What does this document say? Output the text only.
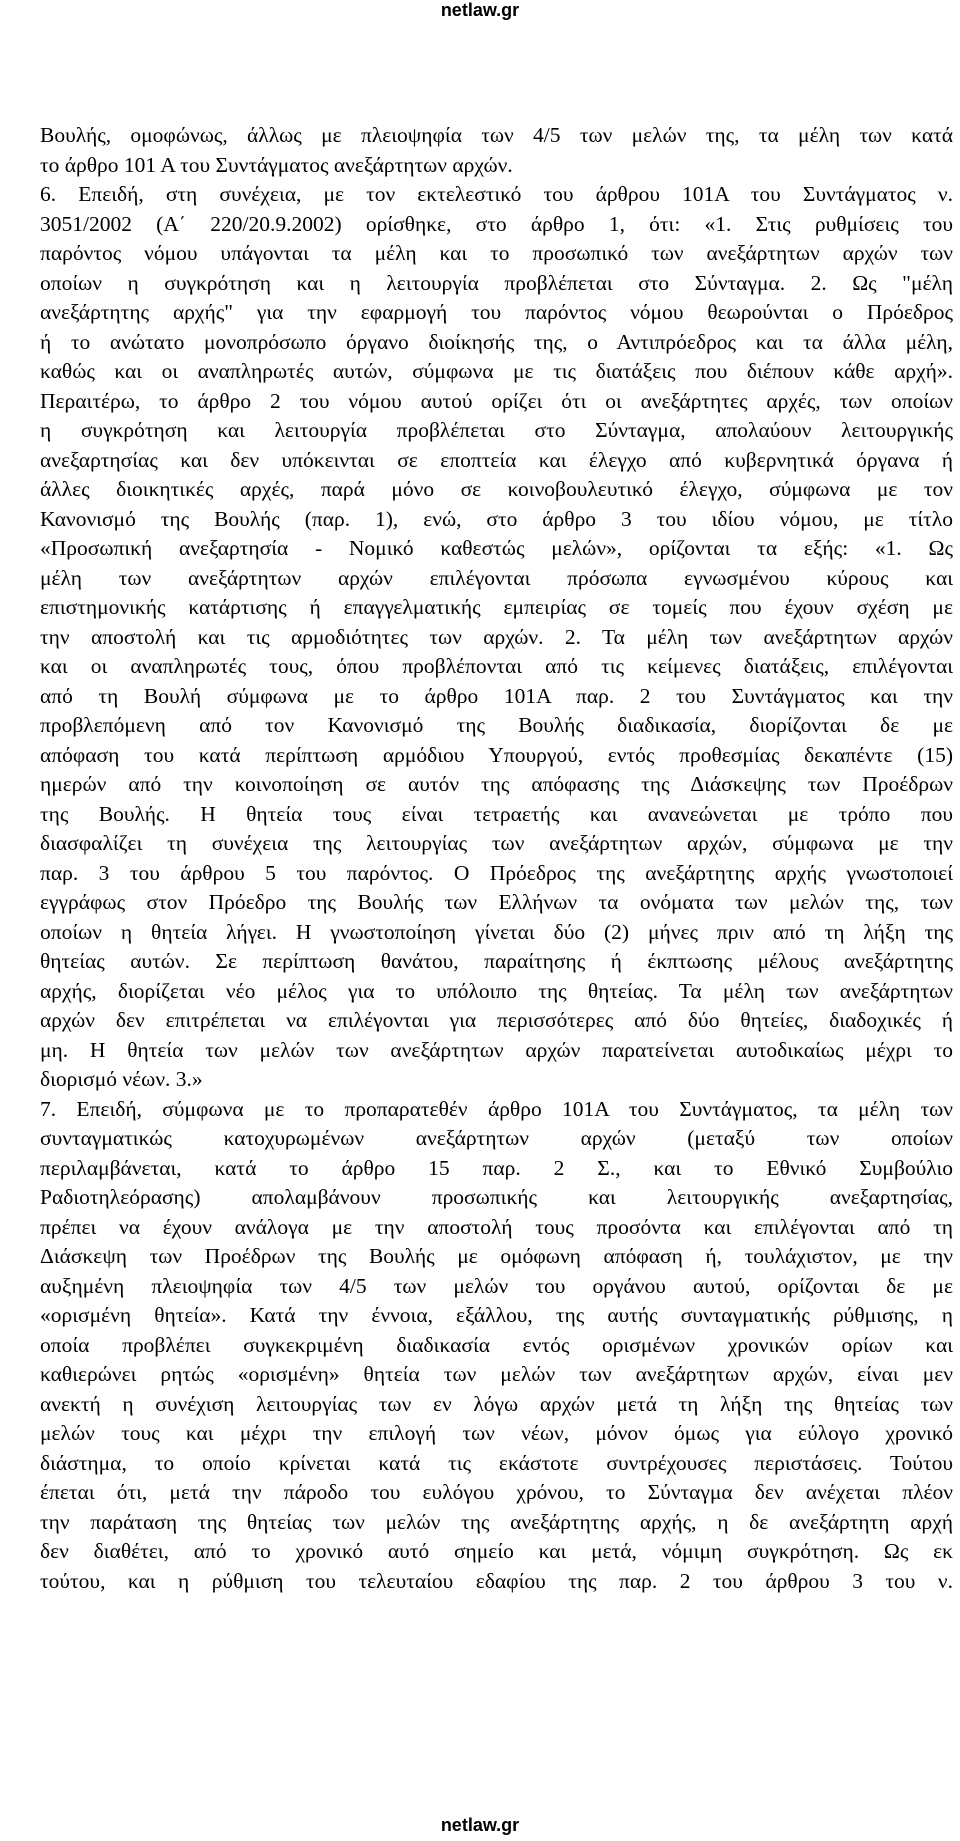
netlaw.gr
Βουλής, ομοφώνως, άλλως με πλειοψηφία των 4/5 των μελών της, τα μέλη των κατά
το άρθρο 101 Α του Συντάγματος ανεξάρτητων αρχών.
6. Επειδή, στη συνέχεια, με τον εκτελεστικό του άρθρου 101Α του Συντάγματος ν.
3051/2002 (Α΄ 220/20.9.2002) ορίσθηκε, στο άρθρο 1, ότι: «1. Στις ρυθμίσεις του
παρόντος νόμου υπάγονται τα μέλη και το προσωπικό των ανεξάρτητων αρχών των
οποίων η συγκρότηση και η λειτουργία προβλέπεται στο Σύνταγμα. 2. Ως "μέλη
ανεξάρτητης αρχής" για την εφαρμογή του παρόντος νόμου θεωρούνται ο Πρόεδρος
ή το ανώτατο μονοπρόσωπο όργανο διοίκησής της, ο Αντιπρόεδρος και τα άλλα μέλη,
καθώς και οι αναπληρωτές αυτών, σύμφωνα με τις διατάξεις που διέπουν κάθε αρχή».
Περαιτέρω, το άρθρο 2 του νόμου αυτού ορίζει ότι οι ανεξάρτητες αρχές, των οποίων
η συγκρότηση και λειτουργία προβλέπεται στο Σύνταγμα, απολαύουν λειτουργικής
ανεξαρτησίας και δεν υπόκεινται σε εποπτεία και έλεγχο από κυβερνητικά όργανα ή
άλλες διοικητικές αρχές, παρά μόνο σε κοινοβουλευτικό έλεγχο, σύμφωνα με τον
Κανονισμό της Βουλής (παρ. 1), ενώ, στο άρθρο 3 του ιδίου νόμου, με τίτλο
«Προσωπική ανεξαρτησία - Νομικό καθεστώς μελών», ορίζονται τα εξής: «1. Ως
μέλη των ανεξάρτητων αρχών επιλέγονται πρόσωπα εγνωσμένου κύρους και
επιστημονικής κατάρτισης ή επαγγελματικής εμπειρίας σε τομείς που έχουν σχέση με
την αποστολή και τις αρμοδιότητες των αρχών. 2. Τα μέλη των ανεξάρτητων αρχών
και οι αναπληρωτές τους, όπου προβλέπονται από τις κείμενες διατάξεις, επιλέγονται
από τη Βουλή σύμφωνα με το άρθρο 101Α παρ. 2 του Συντάγματος και την
προβλεπόμενη από τον Κανονισμό της Βουλής διαδικασία, διορίζονται δε με
απόφαση του κατά περίπτωση αρμόδιου Υπουργού, εντός προθεσμίας δεκαπέντε (15)
ημερών από την κοινοποίηση σε αυτόν της απόφασης της Διάσκεψης των Προέδρων
της Βουλής. Η θητεία τους είναι τετραετής και ανανεώνεται με τρόπο που
διασφαλίζει τη συνέχεια της λειτουργίας των ανεξάρτητων αρχών, σύμφωνα με την
παρ. 3 του άρθρου 5 του παρόντος. Ο Πρόεδρος της ανεξάρτητης αρχής γνωστοποιεί
εγγράφως στον Πρόεδρο της Βουλής των Ελλήνων τα ονόματα των μελών της, των
οποίων η θητεία λήγει. Η γνωστοποίηση γίνεται δύο (2) μήνες πριν από τη λήξη της
θητείας αυτών. Σε περίπτωση θανάτου, παραίτησης ή έκπτωσης μέλους ανεξάρτητης
αρχής, διορίζεται νέο μέλος για το υπόλοιπο της θητείας. Τα μέλη των ανεξάρτητων
αρχών δεν επιτρέπεται να επιλέγονται για περισσότερες από δύο θητείες, διαδοχικές ή
μη. Η θητεία των μελών των ανεξάρτητων αρχών παρατείνεται αυτοδικαίως μέχρι το
διορισμό νέων. 3.»
7. Επειδή, σύμφωνα με το προπαρατεθέν άρθρο 101Α του Συντάγματος, τα μέλη των
συνταγματικώς κατοχυρωμένων ανεξάρτητων αρχών (μεταξύ των οποίων
περιλαμβάνεται, κατά το άρθρο 15 παρ. 2 Σ., και το Εθνικό Συμβούλιο
Ραδιοτηλεόρασης) απολαμβάνουν προσωπικής και λειτουργικής ανεξαρτησίας,
πρέπει να έχουν ανάλογα με την αποστολή τους προσόντα και επιλέγονται από τη
Διάσκεψη των Προέδρων της Βουλής με ομόφωνη απόφαση ή, τουλάχιστον, με την
αυξημένη πλειοψηφία των 4/5 των μελών του οργάνου αυτού, ορίζονται δε με
«ορισμένη θητεία». Κατά την έννοια, εξάλλου, της αυτής συνταγματικής ρύθμισης, η
οποία προβλέπει συγκεκριμένη διαδικασία εντός ορισμένων χρονικών ορίων και
καθιερώνει ρητώς «ορισμένη» θητεία των μελών των ανεξάρτητων αρχών, είναι μεν
ανεκτή η συνέχιση λειτουργίας των εν λόγω αρχών μετά τη λήξη της θητείας των
μελών τους και μέχρι την επιλογή των νέων, μόνον όμως για εύλογο χρονικό
διάστημα, το οποίο κρίνεται κατά τις εκάστοτε συντρέχουσες περιστάσεις. Τούτου
έπεται ότι, μετά την πάροδο του ευλόγου χρόνου, το Σύνταγμα δεν ανέχεται πλέον
την παράταση της θητείας των μελών της ανεξάρτητης αρχής, η δε ανεξάρτητη αρχή
δεν διαθέτει, από το χρονικό αυτό σημείο και μετά, νόμιμη συγκρότηση. Ως εκ
τούτου, και η ρύθμιση του τελευταίου εδαφίου της παρ. 2 του άρθρου 3 του ν.
netlaw.gr
